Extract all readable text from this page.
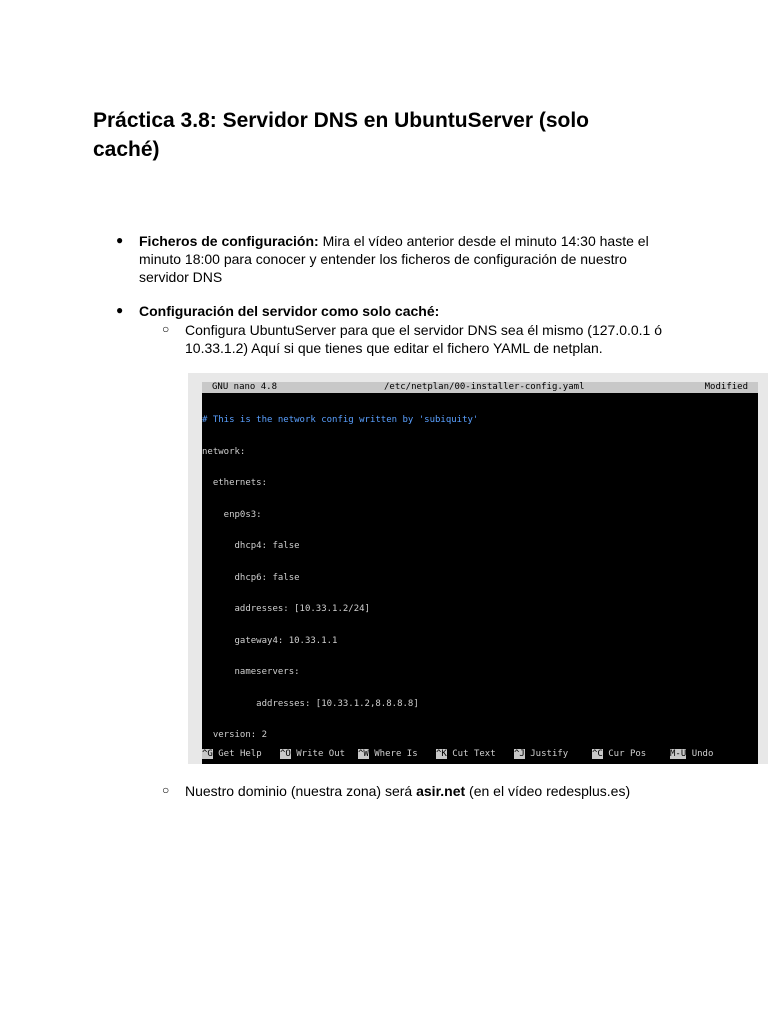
Práctica 3.8: Servidor DNS en UbuntuServer (solo caché)
● Ficheros de configuración: Mira el vídeo anterior desde el minuto 14:30 haste el minuto 18:00 para conocer y entender los ficheros de configuración de nuestro servidor DNS
● Configuración del servidor como solo caché:
○ Configura UbuntuServer para que el servidor DNS sea él mismo (127.0.0.1 ó 10.33.1.2) Aquí si que tienes que editar el fichero YAML de netplan.

GNU nano 4.8

	/etc/netplan/00-installer-config.yaml

	Modified

# This is the network config written by 'subiquity'

network:

ethernets:

enp0s3:

dhcp4: false

dhcp6: false

addresses: [10.33.1.2/24]

gateway4: 10.33.1.1

nameservers:

addresses: [10.33.1.2,8.8.8.8]

version: 2

^G Get Help

^O Write Out

^W Where Is

^K Cut Text

^J Justify

	^C Cur Pos

	M-U Undo

○ Nuestro dominio (nuestra zona) será asir.net (en el vídeo redesplus.es)
